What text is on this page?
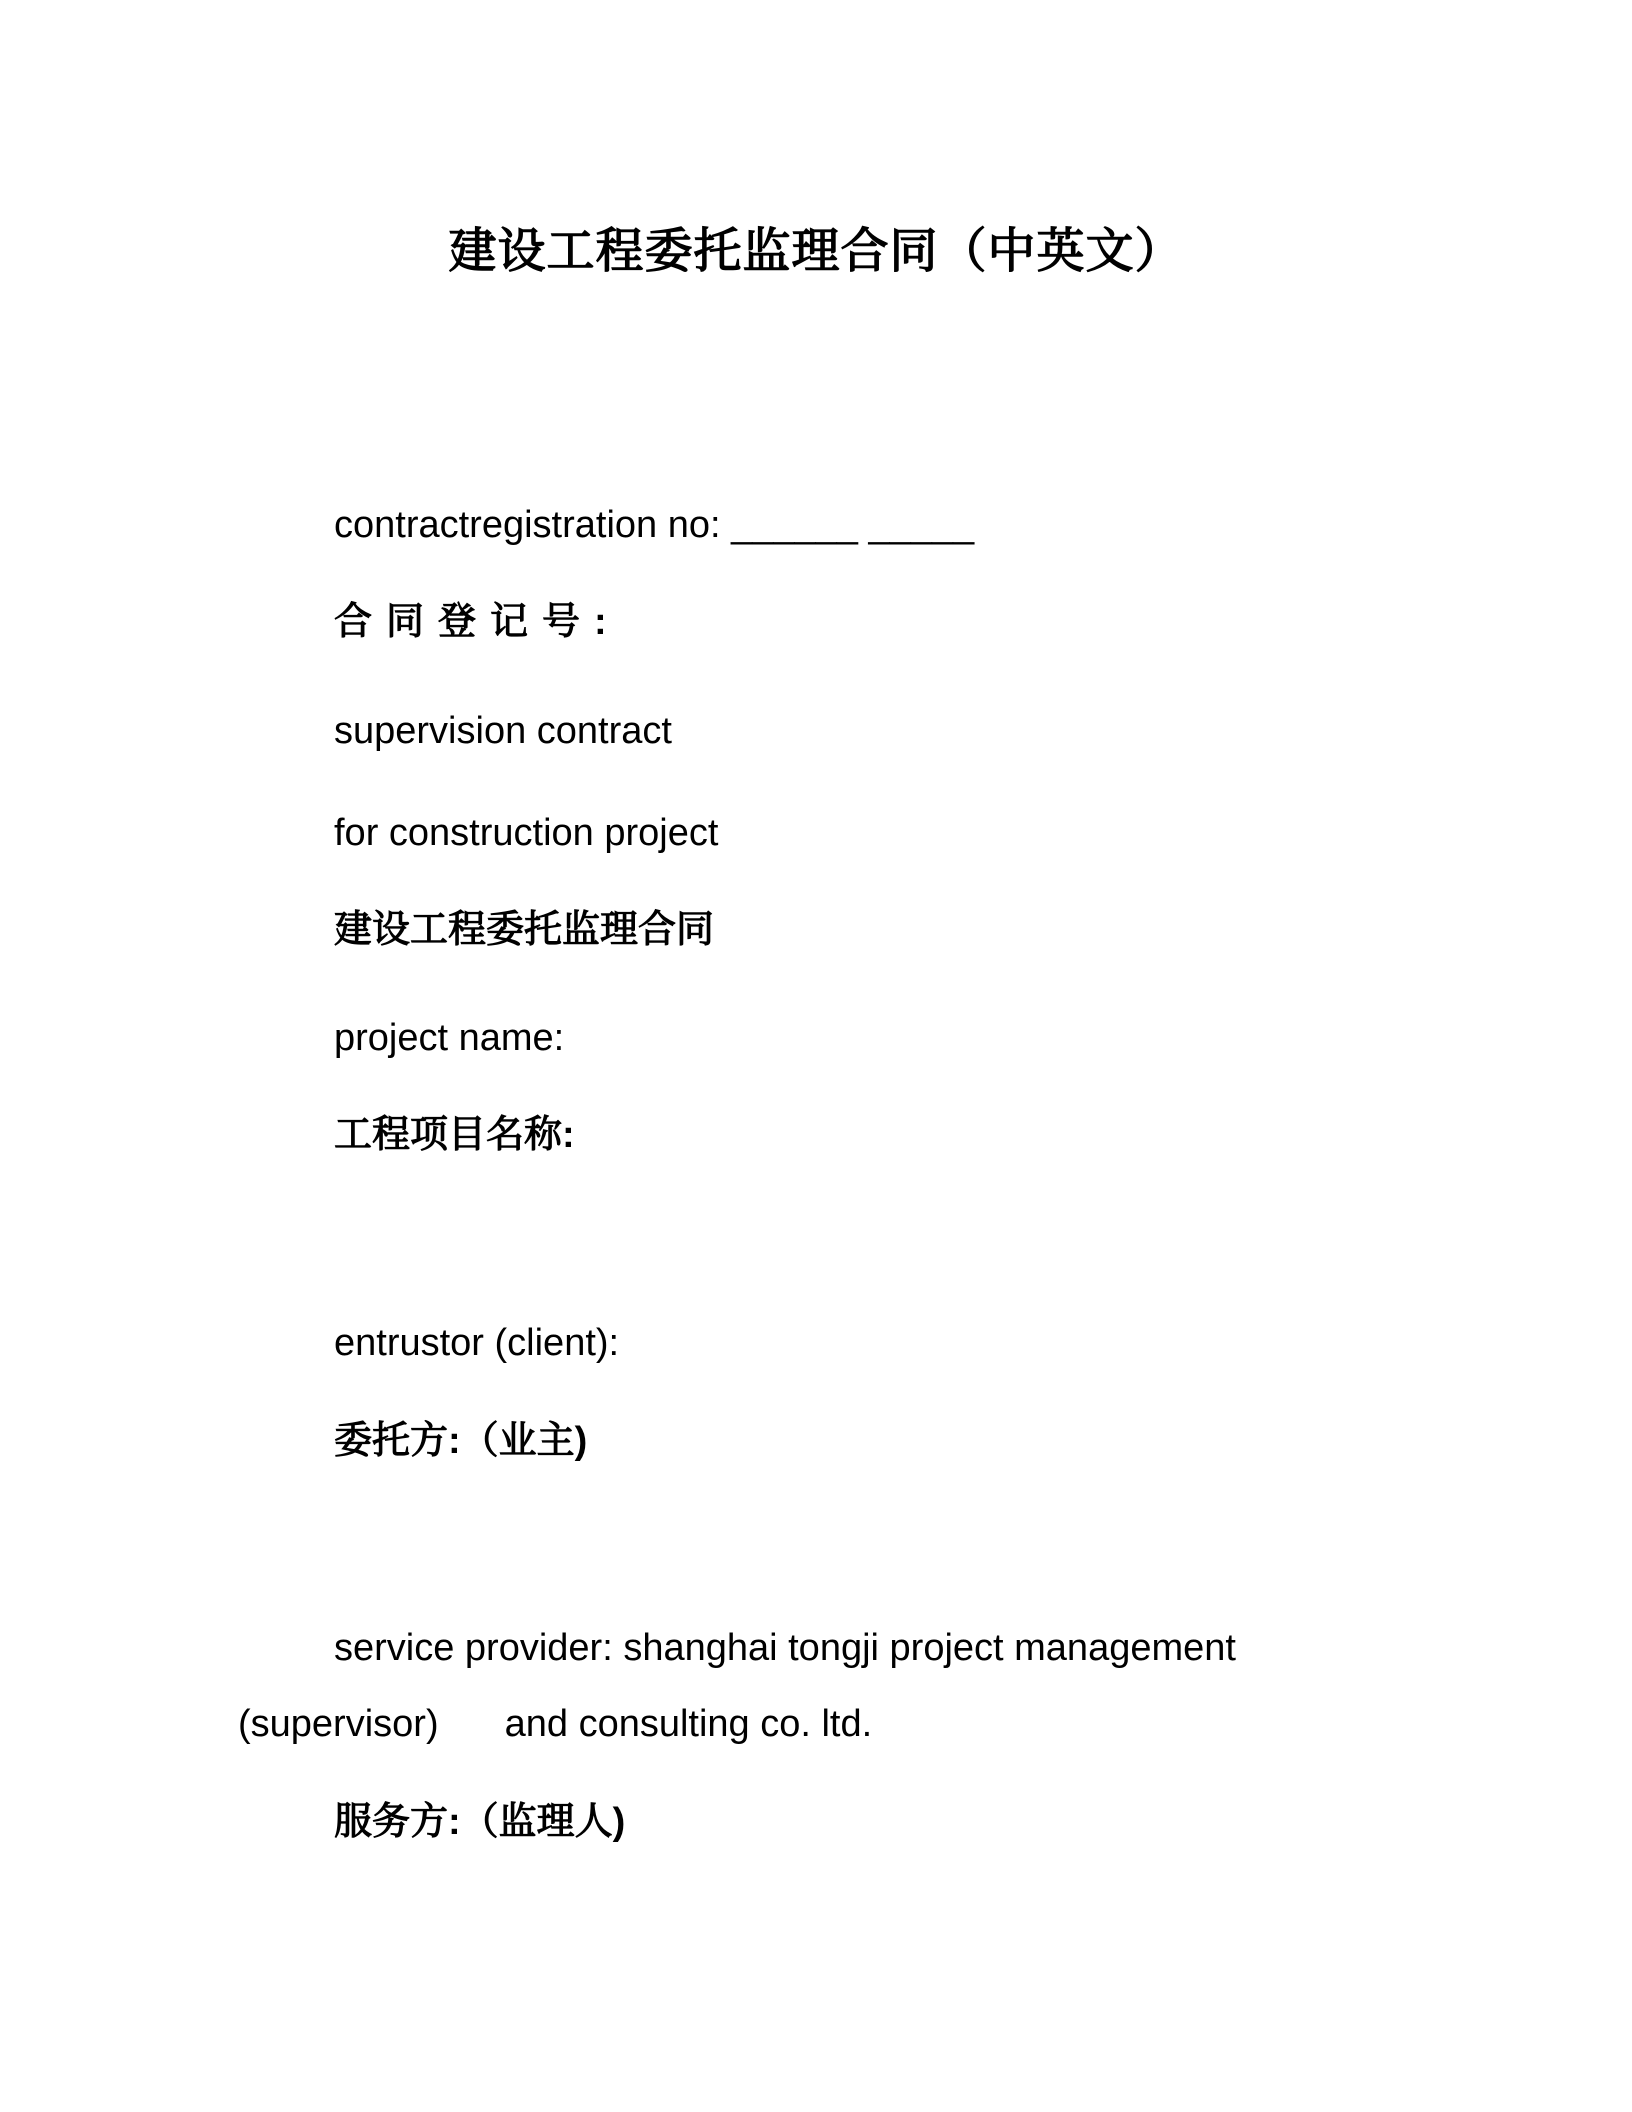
建设工程委托监理合同（中英文）
contractregistration no: ______ _____
合同登记号:
supervision contract
for construction project
建设工程委托监理合同
project name:
工程项目名称:
entrustor (client):
委托方:（业主)
service provider: shanghai tongji project management
(supervisor) and consulting co. ltd.
服务方:（监理人)
